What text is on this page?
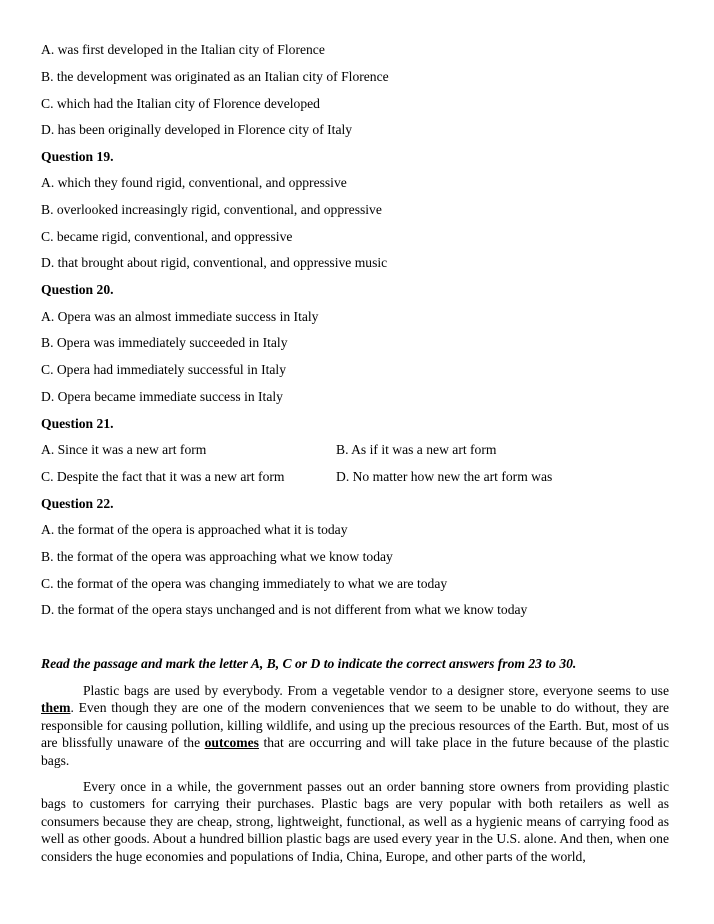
A. was first developed in the Italian city of Florence
B. the development was originated as an Italian city of Florence
C. which had the Italian city of Florence developed
D. has been originally developed in Florence city of Italy
Question 19.
A. which they found rigid, conventional, and oppressive
B. overlooked increasingly rigid, conventional, and oppressive
C. became rigid, conventional, and oppressive
D. that brought about rigid, conventional, and oppressive music
Question 20.
A. Opera was an almost immediate success in Italy
B. Opera was immediately succeeded in Italy
C. Opera had immediately successful in Italy
D. Opera became immediate success in Italy
Question 21.
A. Since it was a new art form	B. As if it was a new art form
C. Despite the fact that it was a new art form	D. No matter how new the art form was
Question 22.
A. the format of the opera is approached what it is today
B. the format of the opera was approaching what we know today
C. the format of the opera was changing immediately to what we are today
D. the format of the opera stays unchanged and is not different from what we know today
Read the passage and mark the letter A, B, C or D to indicate the correct answers from 23 to 30.

Plastic bags are used by everybody. From a vegetable vendor to a designer store, everyone seems to use them. Even though they are one of the modern conveniences that we seem to be unable to do without, they are responsible for causing pollution, killing wildlife, and using up the precious resources of the Earth. But, most of us are blissfully unaware of the outcomes that are occurring and will take place in the future because of the plastic bags.

Every once in a while, the government passes out an order banning store owners from providing plastic bags to customers for carrying their purchases. Plastic bags are very popular with both retailers as well as consumers because they are cheap, strong, lightweight, functional, as well as a hygienic means of carrying food as well as other goods. About a hundred billion plastic bags are used every year in the U.S. alone. And then, when one considers the huge economies and populations of India, China, Europe, and other parts of the world,
